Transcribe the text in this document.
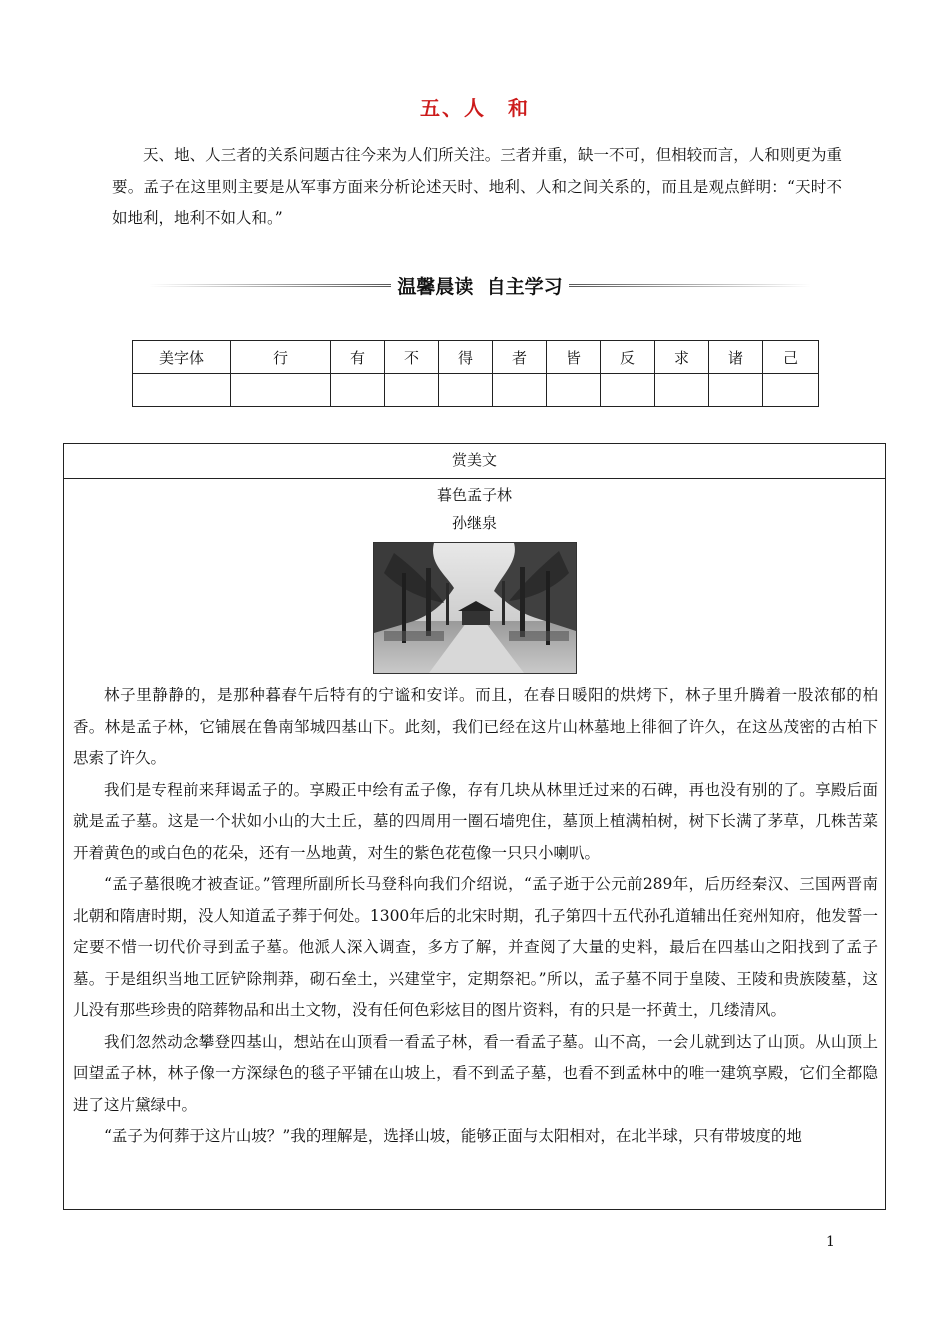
五、人　和
天、地、人三者的关系问题古往今来为人们所关注。三者并重，缺一不可，但相较而言，人和则更为重要。孟子在这里则主要是从军事方面来分析论述天时、地利、人和之间关系的，而且是观点鲜明：“天时不如地利，地利不如人和。”
温馨晨读  自主学习
美字体	行	有	不	得	者	皆	反	求	诸	己

赏美文
暮色孟子林
孙继泉

林子里静静的，是那种暮春午后特有的宁谧和安详。而且，在春日暖阳的烘烤下，林子里升腾着一股浓郁的柏香。林是孟子林，它铺展在鲁南邹城四基山下。此刻，我们已经在这片山林墓地上徘徊了许久，在这丛茂密的古柏下思索了许久。

我们是专程前来拜谒孟子的。享殿正中绘有孟子像，存有几块从林里迁过来的石碑，再也没有别的了。享殿后面就是孟子墓。这是一个状如小山的大土丘，墓的四周用一圈石墙兜住，墓顶上植满柏树，树下长满了茅草，几株苦菜开着黄色的或白色的花朵，还有一丛地黄，对生的紫色花苞像一只只小喇叭。

“孟子墓很晚才被查证。”管理所副所长马登科向我们介绍说，“孟子逝于公元前289年，后历经秦汉、三国两晋南北朝和隋唐时期，没人知道孟子葬于何处。1300年后的北宋时期，孔子第四十五代孙孔道辅出任兖州知府，他发誓一定要不惜一切代价寻到孟子墓。他派人深入调查，多方了解，并查阅了大量的史料，最后在四基山之阳找到了孟子墓。于是组织当地工匠铲除荆莽，砌石垒土，兴建堂宇，定期祭祀。”所以，孟子墓不同于皇陵、王陵和贵族陵墓，这儿没有那些珍贵的陪葬物品和出土文物，没有任何色彩炫目的图片资料，有的只是一抔黄土，几缕清风。

我们忽然动念攀登四基山，想站在山顶看一看孟子林，看一看孟子墓。山不高，一会儿就到达了山顶。从山顶上回望孟子林，林子像一方深绿色的毯子平铺在山坡上，看不到孟子墓，也看不到孟林中的唯一建筑享殿，它们全都隐进了这片黛绿中。

“孟子为何葬于这片山坡？”我的理解是，选择山坡，能够正面与太阳相对，在北半球，只有带坡度的地

1
